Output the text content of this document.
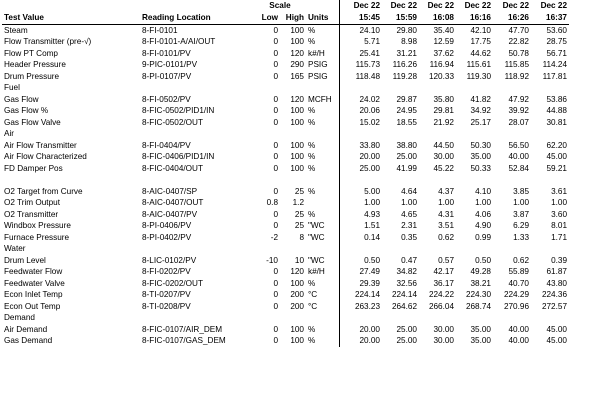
		Scale			Dec 22	Dec 22	Dec 22	Dec 22	Dec 22	Dec 22
Test Value	Reading Location	Low	High	Units	15:45	15:59	16:08	16:16	16:26	16:37
Steam	8-FI-0101	0	100	%	24.10	29.80	35.40	42.10	47.70	53.60
Flow Transmitter (pre-√)	8-FI-0101-A/AI/OUT	0	100	%	5.71	8.98	12.59	17.75	22.82	28.75
Flow PT Comp	8-FI-0101/PV	0	120	k#/H	25.41	31.21	37.62	44.62	50.78	56.71
Header Pressure	9-PIC-0101/PV	0	290	PSIG	115.73	116.26	116.94	115.61	115.85	114.24
Drum Pressure	8-PI-0107/PV	0	165	PSIG	118.48	119.28	120.33	119.30	118.92	117.81
Fuel										
Gas Flow	8-FI-0502/PV	0	120	MCFH	24.02	29.87	35.80	41.82	47.92	53.86
Gas Flow %	8-FIC-0502/PID1/IN	0	100	%	20.06	24.95	29.81	34.92	39.92	44.88
Gas Flow Valve	8-FIC-0502/OUT	0	100	%	15.02	18.55	21.92	25.17	28.07	30.81
Air										
Air Flow Transmitter	8-FI-0404/PV	0	100	%	33.80	38.80	44.50	50.30	56.50	62.20
Air Flow Characterized	8-FIC-0406/PID1/IN	0	100	%	20.00	25.00	30.00	35.00	40.00	45.00
FD Damper Pos	8-FIC-0404/OUT	0	100	%	25.00	41.99	45.22	50.33	52.84	59.21

O2 Target from Curve	8-AIC-0407/SP	0	25	%	5.00	4.64	4.37	4.10	3.85	3.61
O2 Trim Output	8-AIC-0407/OUT	0.8	1.2		1.00	1.00	1.00	1.00	1.00	1.00
O2 Transmitter	8-AIC-0407/PV	0	25	%	4.93	4.65	4.31	4.06	3.87	3.60
Windbox Pressure	8-PI-0406/PV	0	25	"WC	1.51	2.31	3.51	4.90	6.29	8.01
Furnace Pressure	8-PI-0402/PV	-2	8	"WC	0.14	0.35	0.62	0.99	1.33	1.71
Water										
Drum Level	8-LIC-0102/PV	-10	10	"WC	0.50	0.47	0.57	0.50	0.62	0.39
Feedwater Flow	8-FI-0202/PV	0	120	k#/H	27.49	34.82	42.17	49.28	55.89	61.87
Feedwater Valve	8-FIC-0202/OUT	0	100	%	29.39	32.56	36.17	38.21	40.70	43.80
Econ Inlet Temp	8-TI-0207/PV	0	200	°C	224.14	224.14	224.22	224.30	224.29	224.36
Econ Out Temp	8-TI-0208/PV	0	200	°C	263.23	264.62	266.04	268.74	270.96	272.57
Demand										
Air Demand	8-FIC-0107/AIR_DEM	0	100	%	20.00	25.00	30.00	35.00	40.00	45.00
Gas Demand	8-FIC-0107/GAS_DEM	0	100	%	20.00	25.00	30.00	35.00	40.00	45.00
